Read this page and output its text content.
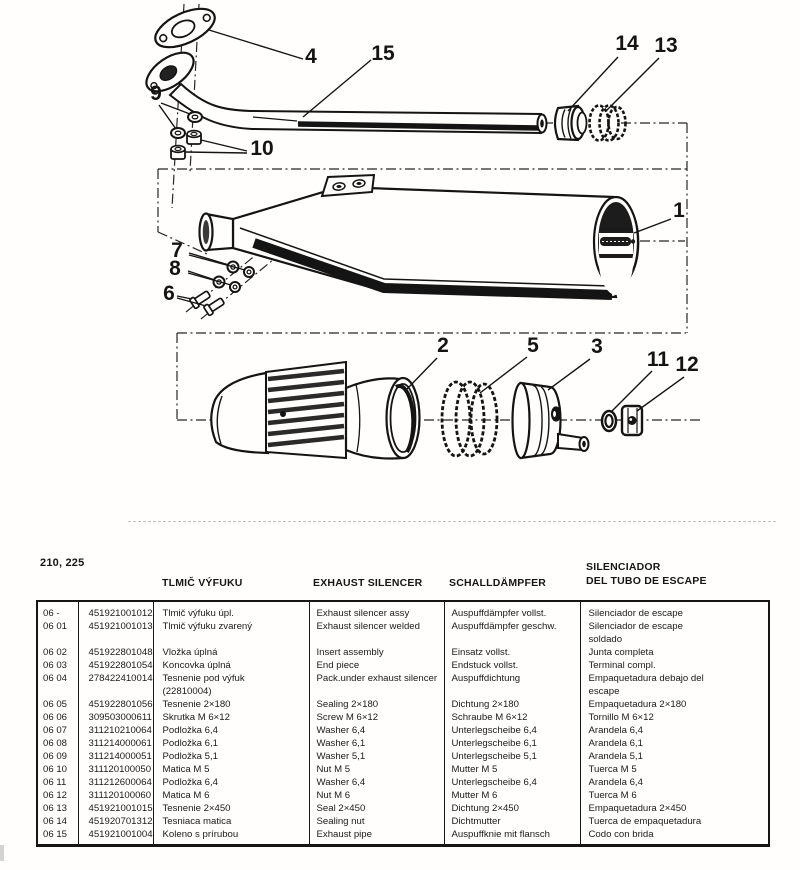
1
2	3
4
5
6
7
8
9
10
11 12
13
14
15
210, 225
TLMIČ VÝFUKU	EXHAUST SILENCER	SCHALLDÄMPFER
SILENCIADOR
DEL TUBO DE ESCAPE
06 -	451921001012	Tlmič výfuku úpl.	Exhaust silencer assy	Auspuffdämpfer vollst.	Silenciador de escape
06 01	451921001013	Tlmič výfuku zvarený	Exhaust silencer welded	Auspuffdämpfer geschw.	Silenciador de escape
					soldado
06 02	451922801048	Vložka úplná	Insert assembly	Einsatz vollst.	Junta completa
06 03	451922801054	Koncovka úplná	End piece	Endstuck vollst.	Terminal compl.
06 04	278422410014	Tesnenie pod výfuk	Pack.under exhaust silencer	Auspuffdichtung	Empaquetadura debajo del
		(22810004)			escape
06 05	451922801056	Tesnenie 2×180	Sealing 2×180	Dichtung 2×180	Empaquetadura 2×180
06 06	309503000611	Skrutka M 6×12	Screw M 6×12	Schraube M 6×12	Tornillo M 6×12
06 07	311210210064	Podložka 6,4	Washer 6,4	Unterlegscheibe 6,4	Arandela 6,4
06 08	311214000061	Podložka 6,1	Washer 6,1	Unterlegscheibe 6,1	Arandela 6,1
06 09	311214000051	Podložka 5,1	Washer 5,1	Unterlegscheibe 5,1	Arandela 5,1
06 10	311120100050	Matica M 5	Nut M 5	Mutter M 5	Tuerca M 5
06 11	311212600064	Podložka 6,4	Washer 6,4	Unterlegscheibe 6,4	Arandela 6,4
06 12	311120100060	Matica M 6	Nut M 6	Mutter M 6	Tuerca M 6
06 13	451921001015	Tesnenie 2×450	Seal 2×450	Dichtung 2×450	Empaquetadura 2×450
06 14	451920701312	Tesniaca matica	Sealing nut	Dichtmutter	Tuerca de empaquetadura
06 15	451921001004	Koleno s prírubou	Exhaust pipe	Auspuffknie mit flansch	Codo con brida
